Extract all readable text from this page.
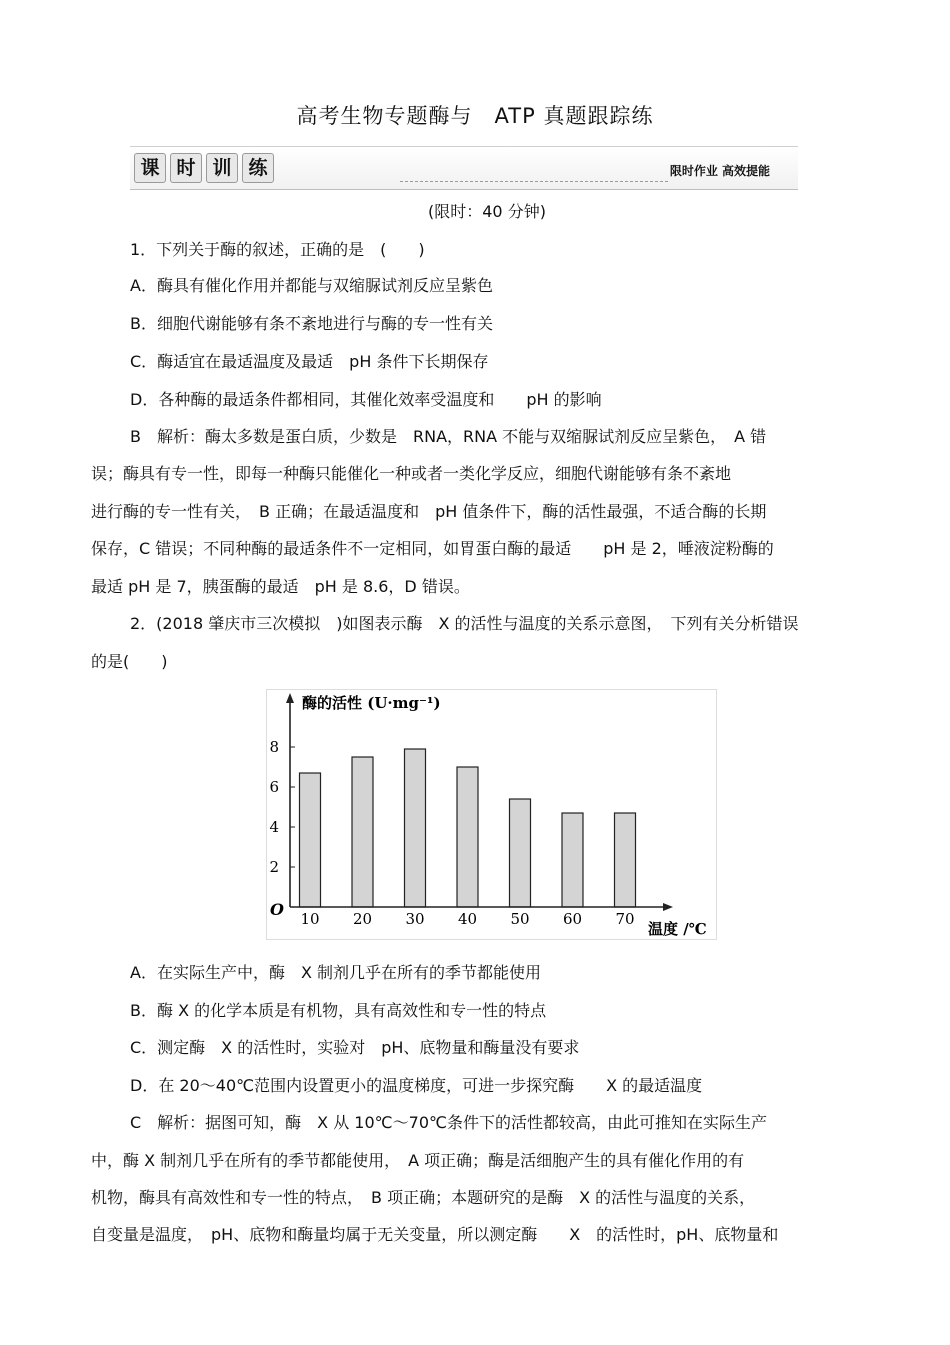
高考生物专题酶与　ATP 真题跟踪练
课 时 训 练	限时作业 高效提能
(限时：40 分钟)
1．下列关于酶的叙述，正确的是　(　　)
A．酶具有催化作用并都能与双缩脲试剂反应呈紫色
B．细胞代谢能够有条不紊地进行与酶的专一性有关
C．酶适宜在最适温度及最适　pH 条件下长期保存
D．各种酶的最适条件都相同，其催化效率受温度和　　pH 的影响
B　解析：酶太多数是蛋白质，少数是　RNA，RNA 不能与双缩脲试剂反应呈紫色，　A 错
误；酶具有专一性，即每一种酶只能催化一种或者一类化学反应，细胞代谢能够有条不紊地
进行酶的专一性有关，　B 正确；在最适温度和　pH 值条件下，酶的活性最强，不适合酶的长期
保存，C 错误；不同种酶的最适条件不一定相同，如胃蛋白酶的最适　　pH 是 2，唾液淀粉酶的
最适 pH 是 7，胰蛋酶的最适　pH 是 8.6，D 错误。
2．(2018 肇庆市三次模拟　)如图表示酶　X 的活性与温度的关系示意图，　下列有关分析错误
的是(　　)
2
4
6
8
10 20 30 40 50 60 70
酶的活性 (U·mg⁻¹)
温度 /℃
O
A．在实际生产中，酶　X 制剂几乎在所有的季节都能使用
B．酶 X 的化学本质是有机物，具有高效性和专一性的特点
C．测定酶　X 的活性时，实验对　pH、底物量和酶量没有要求
D．在 20～40℃范围内设置更小的温度梯度，可进一步探究酶　　X 的最适温度
C　解析：据图可知，酶　X 从 10℃～70℃条件下的活性都较高，由此可推知在实际生产
中，酶 X 制剂几乎在所有的季节都能使用，　A 项正确；酶是活细胞产生的具有催化作用的有
机物，酶具有高效性和专一性的特点，　B 项正确；本题研究的是酶　X 的活性与温度的关系，
自变量是温度，　pH、底物和酶量均属于无关变量，所以测定酶　　X　的活性时，pH、底物量和
